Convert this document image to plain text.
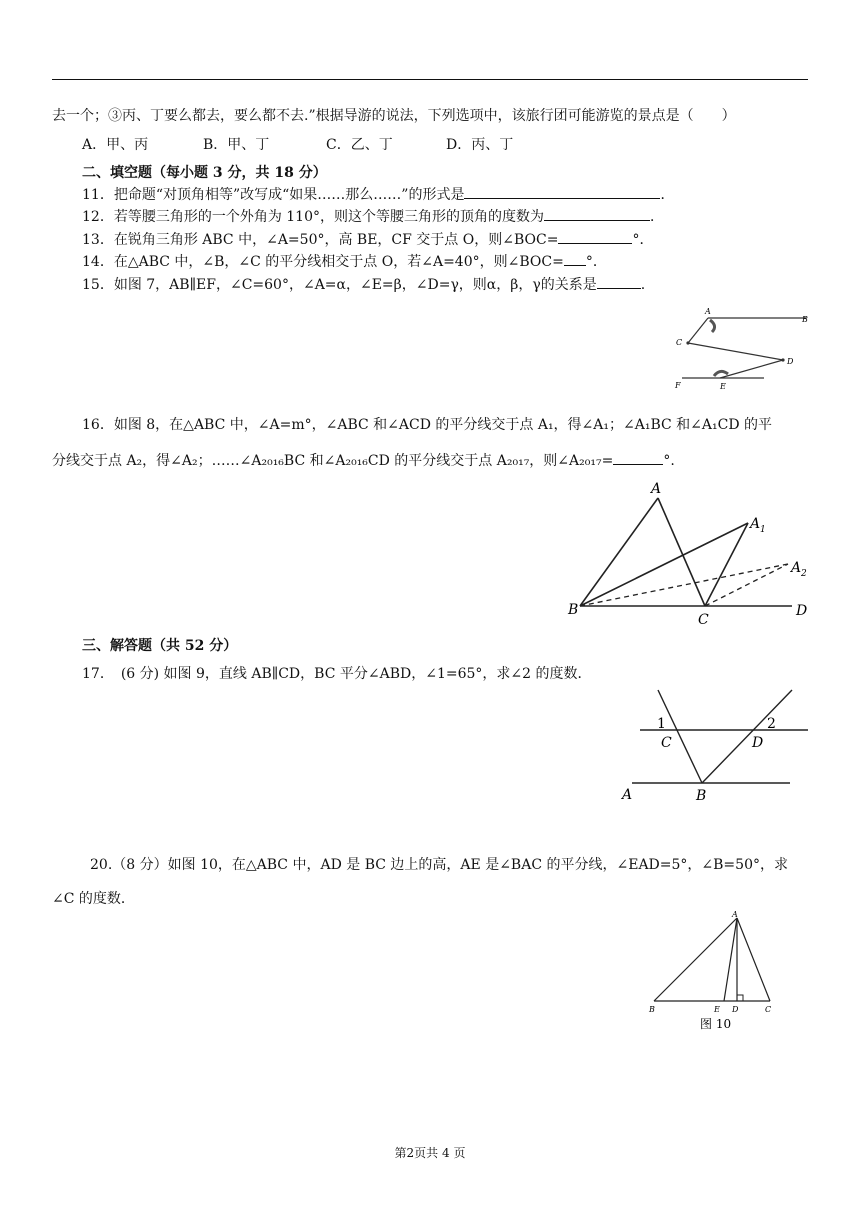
去一个；③丙、丁要么都去，要么都不去.”根据导游的说法，下列选项中，该旅行团可能游览的景点是（　　）
A．甲、丙	B．甲、丁	C．乙、丁	D．丙、丁
二、填空题（每小题 3 分，共 18 分）
11．把命题“对顶角相等”改写成“如果……那么……”的形式是	．
12．若等腰三角形的一个外角为 110°，则这个等腰三角形的顶角的度数为	．
13．在锐角三角形 ABC 中，∠A=50°，高 BE，CF 交于点 O，则∠BOC=	°．
14．在△ABC 中，∠B，∠C 的平分线相交于点 O，若∠A=40°，则∠BOC= °．
15．如图 7，AB∥EF，∠C=60°，∠A=α，∠E=β，∠D=γ，则α，β，γ的关系是	.
A
B
C
D
E
F
16．如图 8，在△ABC 中，∠A=m°，∠ABC 和∠ACD 的平分线交于点 A₁，得∠A₁；∠A₁BC 和∠A₁CD 的平
分线交于点 A₂，得∠A₂；……∠A₂₀₁₆BC 和∠A₂₀₁₆CD 的平分线交于点 A₂₀₁₇，则∠A₂₀₁₇=	°.
A
A 1
A 2
B
C
D
三、解答题（共 52 分）
17．　(6 分) 如图 9，直线 AB∥CD，BC 平分∠ABD，∠1=65°，求∠2 的度数．
1	2
C	D
A	B
20.（8 分）如图 10，在△ABC 中，AD 是 BC 边上的高，AE 是∠BAC 的平分线，∠EAD=5°，∠B=50°，求
∠C 的度数．
A
B	E D	C
图 10
第2页共 4 页
